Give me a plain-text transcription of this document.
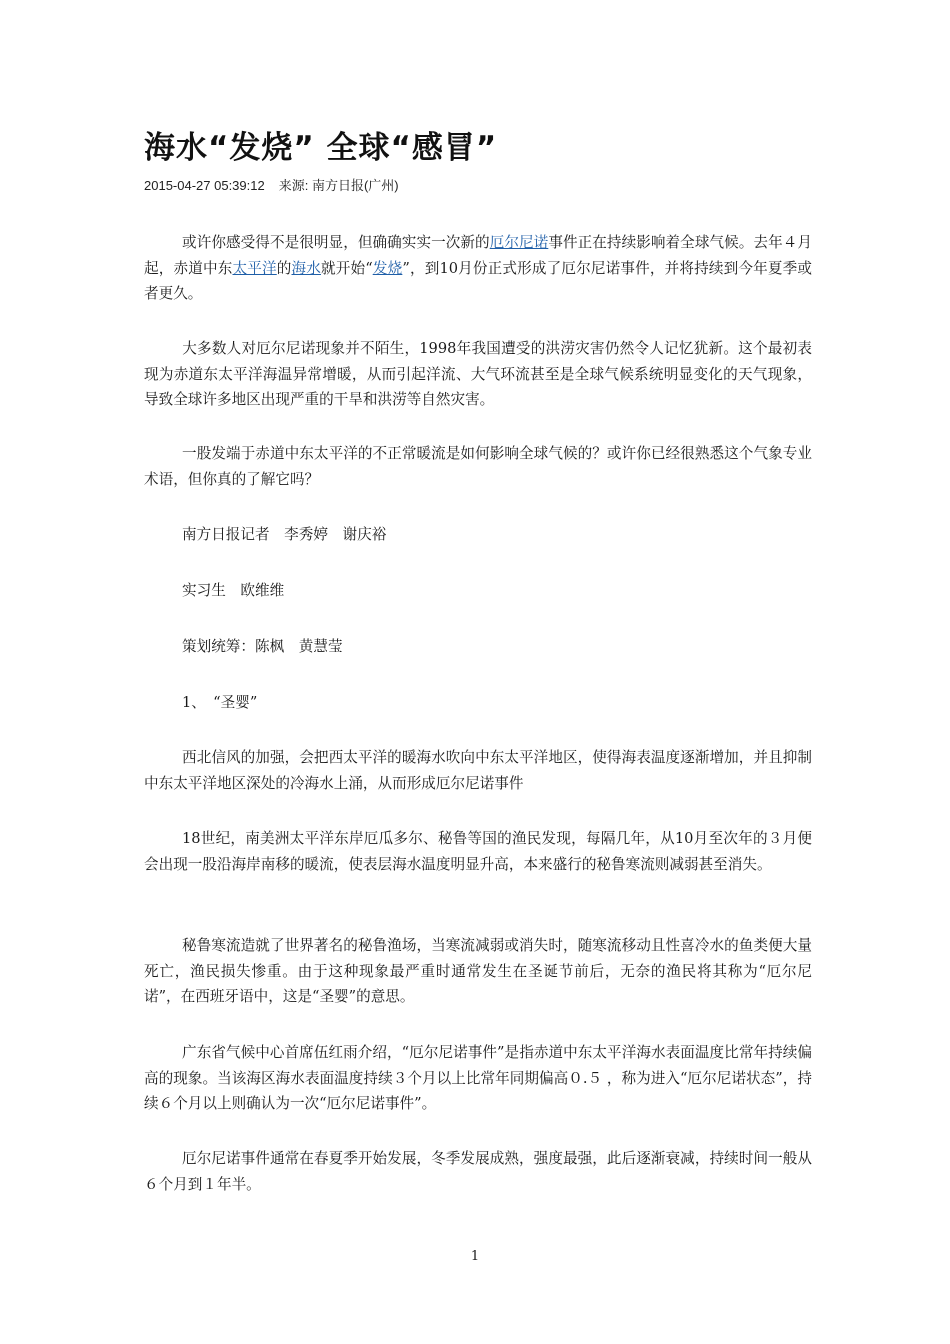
海水“发烧” 全球“感冒”
2015-04-27 05:39:12 来源: 南方日报(广州)

或许你感受得不是很明显，但确确实实一次新的厄尔尼诺事件正在持续影响着全球气候。去年４月起，赤道中东太平洋的海水就开始“发烧”，到10月份正式形成了厄尔尼诺事件，并将持续到今年夏季或者更久。

大多数人对厄尔尼诺现象并不陌生，1998年我国遭受的洪涝灾害仍然令人记忆犹新。这个最初表现为赤道东太平洋海温异常增暖，从而引起洋流、大气环流甚至是全球气候系统明显变化的天气现象，导致全球许多地区出现严重的干旱和洪涝等自然灾害。

一股发端于赤道中东太平洋的不正常暖流是如何影响全球气候的？或许你已经很熟悉这个气象专业术语，但你真的了解它吗？

南方日报记者　李秀婷　谢庆裕

实习生　欧维维

策划统筹：陈枫　黄慧莹

1、　“圣婴”

西北信风的加强，会把西太平洋的暖海水吹向中东太平洋地区，使得海表温度逐渐增加，并且抑制中东太平洋地区深处的冷海水上涌，从而形成厄尔尼诺事件

18世纪，南美洲太平洋东岸厄瓜多尔、秘鲁等国的渔民发现，每隔几年，从10月至次年的３月便会出现一股沿海岸南移的暖流，使表层海水温度明显升高，本来盛行的秘鲁寒流则减弱甚至消失。

秘鲁寒流造就了世界著名的秘鲁渔场，当寒流减弱或消失时，随寒流移动且性喜冷水的鱼类便大量死亡，渔民损失惨重。由于这种现象最严重时通常发生在圣诞节前后，无奈的渔民将其称为“厄尔尼诺”，在西班牙语中，这是“圣婴”的意思。

广东省气候中心首席伍红雨介绍，“厄尔尼诺事件”是指赤道中东太平洋海水表面温度比常年持续偏高的现象。当该海区海水表面温度持续３个月以上比常年同期偏高０.５ ，称为进入“厄尔尼诺状态”，持续６个月以上则确认为一次“厄尔尼诺事件”。

厄尔尼诺事件通常在春夏季开始发展，冬季发展成熟，强度最强，此后逐渐衰减，持续时间一般从６个月到１年半。

1
